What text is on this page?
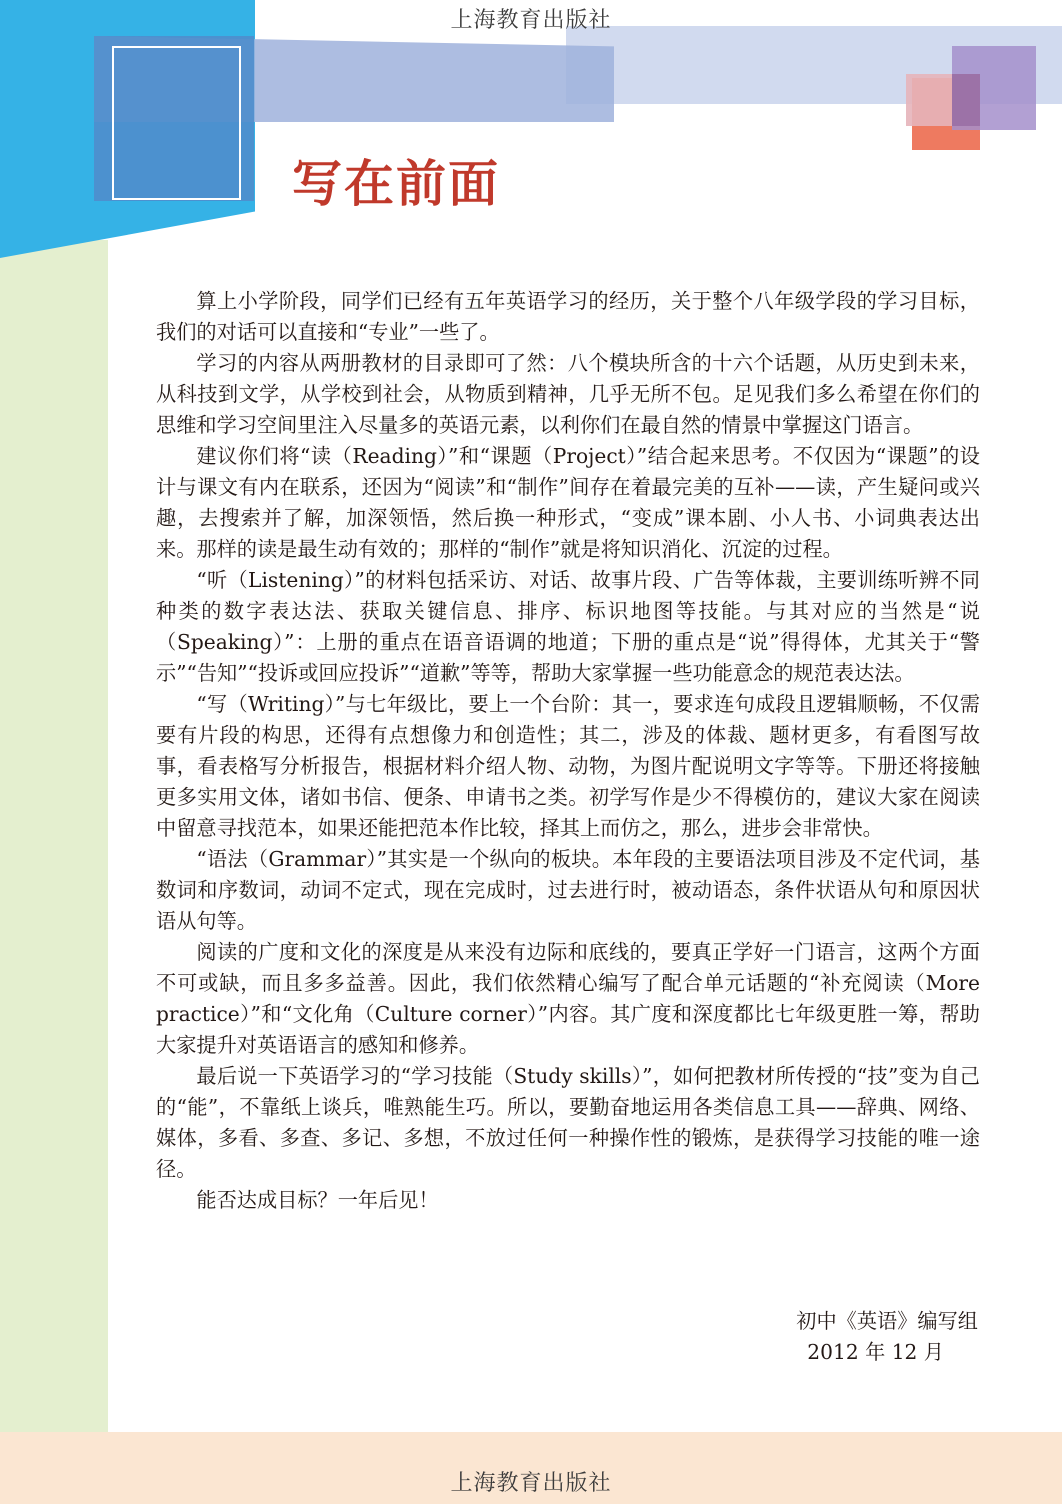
上海教育出版社
写在前面

算上小学阶段，同学们已经有五年英语学习的经历，关于整个八年级学段的学习目标，我们的对话可以直接和“专业”一些了。

学习的内容从两册教材的目录即可了然：八个模块所含的十六个话题，从历史到未来，从科技到文学，从学校到社会，从物质到精神，几乎无所不包。足见我们多么希望在你们的思维和学习空间里注入尽量多的英语元素，以利你们在最自然的情景中掌握这门语言。

建议你们将“读（Reading）”和“课题（Project）”结合起来思考。不仅因为“课题”的设计与课文有内在联系，还因为“阅读”和“制作”间存在着最完美的互补——读，产生疑问或兴趣，去搜索并了解，加深领悟，然后换一种形式，“变成”课本剧、小人书、小词典表达出来。那样的读是最生动有效的；那样的“制作”就是将知识消化、沉淀的过程。

“听（Listening）”的材料包括采访、对话、故事片段、广告等体裁，主要训练听辨不同种类的数字表达法、获取关键信息、排序、标识地图等技能。与其对应的当然是“说（Speaking）”：上册的重点在语音语调的地道；下册的重点是“说”得得体，尤其关于“警示”“告知”“投诉或回应投诉”“道歉”等等，帮助大家掌握一些功能意念的规范表达法。

“写（Writing）”与七年级比，要上一个台阶：其一，要求连句成段且逻辑顺畅，不仅需要有片段的构思，还得有点想像力和创造性；其二，涉及的体裁、题材更多，有看图写故事，看表格写分析报告，根据材料介绍人物、动物，为图片配说明文字等等。下册还将接触更多实用文体，诸如书信、便条、申请书之类。初学写作是少不得模仿的，建议大家在阅读中留意寻找范本，如果还能把范本作比较，择其上而仿之，那么，进步会非常快。

“语法（Grammar）”其实是一个纵向的板块。本年段的主要语法项目涉及不定代词，基数词和序数词，动词不定式，现在完成时，过去进行时，被动语态，条件状语从句和原因状语从句等。

阅读的广度和文化的深度是从来没有边际和底线的，要真正学好一门语言，这两个方面不可或缺，而且多多益善。因此，我们依然精心编写了配合单元话题的“补充阅读（More practice）”和“文化角（Culture corner）”内容。其广度和深度都比七年级更胜一筹，帮助大家提升对英语语言的感知和修养。

最后说一下英语学习的“学习技能（Study skills）”，如何把教材所传授的“技”变为自己的“能”，不靠纸上谈兵，唯熟能生巧。所以，要勤奋地运用各类信息工具——辞典、网络、媒体，多看、多查、多记、多想，不放过任何一种操作性的锻炼，是获得学习技能的唯一途径。

能否达成目标？一年后见！

初中《英语》编写组
2012 年 12 月
上海教育出版社
